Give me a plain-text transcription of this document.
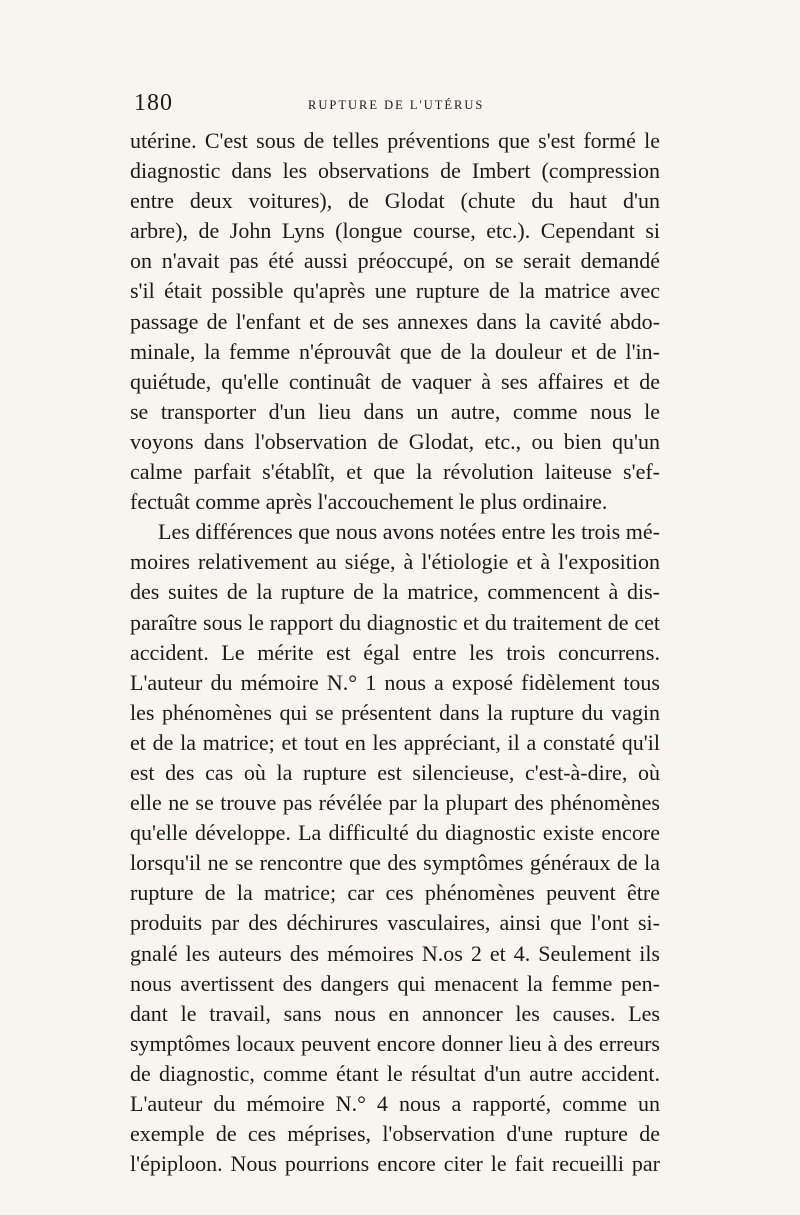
180	RUPTURE DE L'UTÉRUS
utérine. C'est sous de telles préventions que s'est formé le
diagnostic dans les observations de Imbert (compression
entre deux voitures), de Glodat (chute du haut d'un
arbre), de John Lyns (longue course, etc.). Cependant si
on n'avait pas été aussi préoccupé, on se serait demandé
s'il était possible qu'après une rupture de la matrice avec
passage de l'enfant et de ses annexes dans la cavité abdo-
minale, la femme n'éprouvât que de la douleur et de l'in-
quiétude, qu'elle continuât de vaquer à ses affaires et de
se transporter d'un lieu dans un autre, comme nous le
voyons dans l'observation de Glodat, etc., ou bien qu'un
calme parfait s'établît, et que la révolution laiteuse s'ef-
fectuât comme après l'accouchement le plus ordinaire.
Les différences que nous avons notées entre les trois mé-
moires relativement au siége, à l'étiologie et à l'exposition
des suites de la rupture de la matrice, commencent à dis-
paraître sous le rapport du diagnostic et du traitement de cet
accident. Le mérite est égal entre les trois concurrens.
L'auteur du mémoire N.° 1 nous a exposé fidèlement tous
les phénomènes qui se présentent dans la rupture du vagin
et de la matrice; et tout en les appréciant, il a constaté qu'il
est des cas où la rupture est silencieuse, c'est-à-dire, où
elle ne se trouve pas révélée par la plupart des phénomènes
qu'elle développe. La difficulté du diagnostic existe encore
lorsqu'il ne se rencontre que des symptômes généraux de la
rupture de la matrice; car ces phénomènes peuvent être
produits par des déchirures vasculaires, ainsi que l'ont si-
gnalé les auteurs des mémoires N.os 2 et 4. Seulement ils
nous avertissent des dangers qui menacent la femme pen-
dant le travail, sans nous en annoncer les causes. Les
symptômes locaux peuvent encore donner lieu à des erreurs
de diagnostic, comme étant le résultat d'un autre accident.
L'auteur du mémoire N.° 4 nous a rapporté, comme un
exemple de ces méprises, l'observation d'une rupture de
l'épiploon. Nous pourrions encore citer le fait recueilli par
